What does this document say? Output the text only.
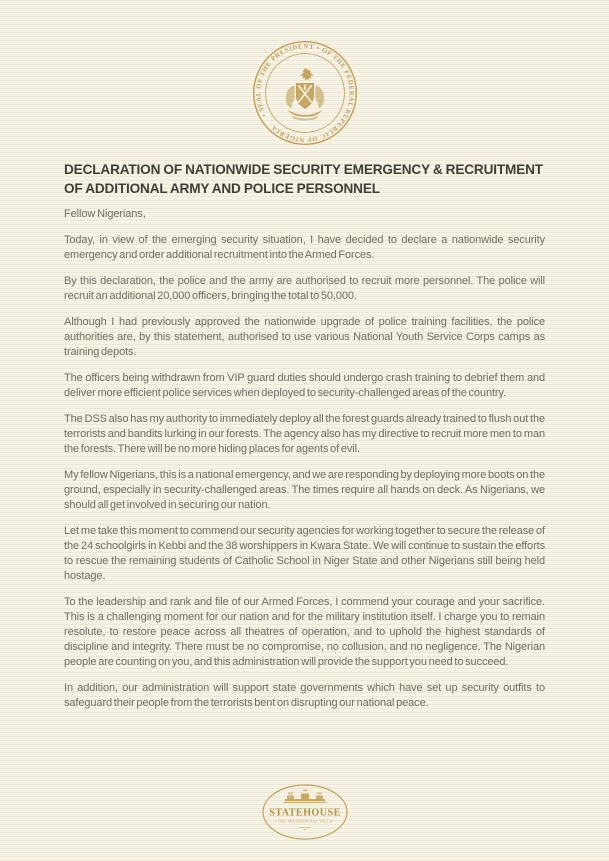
• SEAL OF THE PRESIDENT • OF THE FEDERAL REPUBLIC OF NIGERIA
DECLARATION OF NATIONWIDE SECURITY EMERGENCY & RECRUITMENT OF ADDITIONAL ARMY AND POLICE PERSONNEL

Fellow Nigerians,

Today, in view of the emerging security situation, I have decided to declare a nationwide security emergency and order additional recruitment into the Armed Forces.

By this declaration, the police and the army are authorised to recruit more personnel. The police will recruit an additional 20,000 officers, bringing the total to 50,000.

Although I had previously approved the nationwide upgrade of police training facilities, the police authorities are, by this statement, authorised to use various National Youth Service Corps camps as training depots.

The officers being withdrawn from VIP guard duties should undergo crash training to debrief them and deliver more efficient police services when deployed to security-challenged areas of the country.

The DSS also has my authority to immediately deploy all the forest guards already trained to flush out the terrorists and bandits lurking in our forests. The agency also has my directive to recruit more men to man the forests. There will be no more hiding places for agents of evil.

My fellow Nigerians, this is a national emergency, and we are responding by deploying more boots on the ground, especially in security-challenged areas. The times require all hands on deck. As Nigerians, we should all get involved in securing our nation.

Let me take this moment to commend our security agencies for working together to secure the release of the 24 schoolgirls in Kebbi and the 38 worshippers in Kwara State. We will continue to sustain the efforts to rescue the remaining students of Catholic School in Niger State and other Nigerians still being held hostage.

To the leadership and rank and file of our Armed Forces, I commend your courage and your sacrifice. This is a challenging moment for our nation and for the military institution itself. I charge you to remain resolute, to restore peace across all theatres of operation, and to uphold the highest standards of discipline and integrity. There must be no compromise, no collusion, and no negligence. The Nigerian people are counting on you, and this administration will provide the support you need to succeed.

In addition, our administration will support state governments which have set up security outfits to safeguard their people from the terrorists bent on disrupting our national peace.

STATEHOUSE
• THE PRESIDENTIAL VILLA •
